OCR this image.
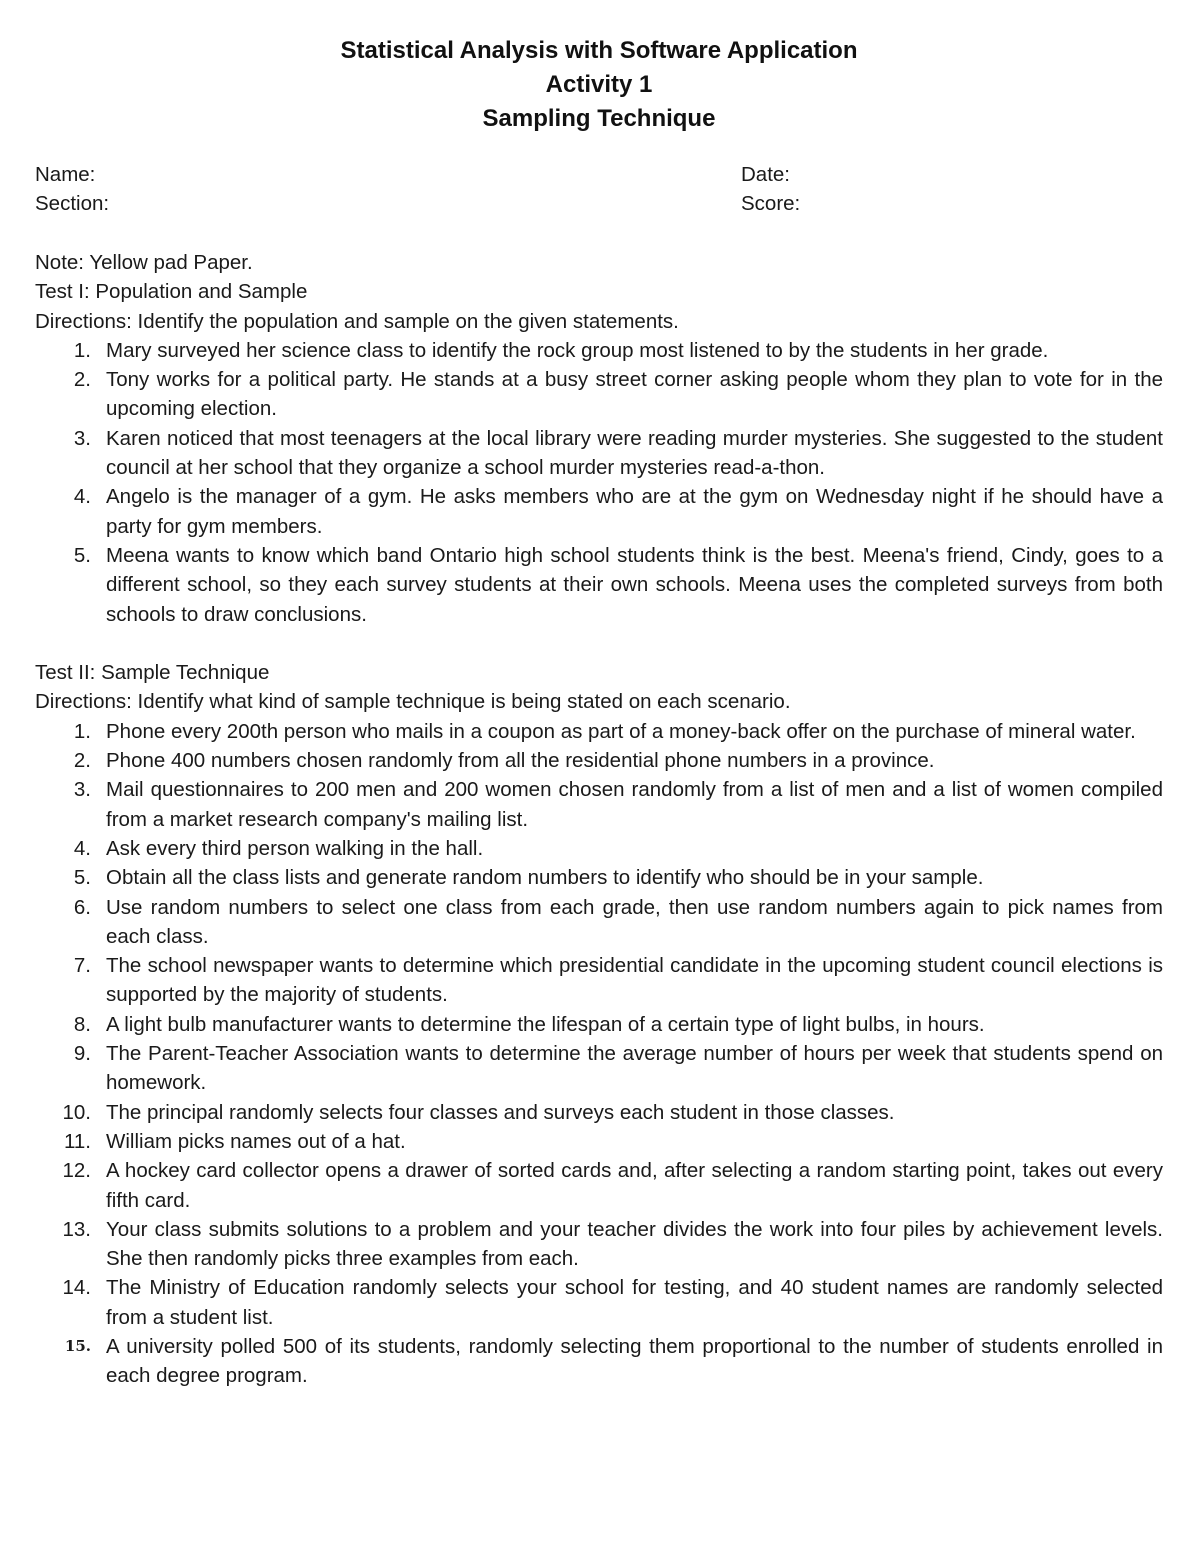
Statistical Analysis with Software Application
Activity 1
Sampling Technique
Name:
Section:
Date:
Score:
Note: Yellow pad Paper.
Test I: Population and Sample
Directions: Identify the population and sample on the given statements.
1. Mary surveyed her science class to identify the rock group most listened to by the students in her grade.
2. Tony works for a political party. He stands at a busy street corner asking people whom they plan to vote for in the upcoming election.
3. Karen noticed that most teenagers at the local library were reading murder mysteries. She suggested to the student council at her school that they organize a school murder mysteries read-a-thon.
4. Angelo is the manager of a gym. He asks members who are at the gym on Wednesday night if he should have a party for gym members.
5. Meena wants to know which band Ontario high school students think is the best. Meena's friend, Cindy, goes to a different school, so they each survey students at their own schools. Meena uses the completed surveys from both schools to draw conclusions.
Test II: Sample Technique
Directions: Identify what kind of sample technique is being stated on each scenario.
1. Phone every 200th person who mails in a coupon as part of a money-back offer on the purchase of mineral water.
2. Phone 400 numbers chosen randomly from all the residential phone numbers in a province.
3. Mail questionnaires to 200 men and 200 women chosen randomly from a list of men and a list of women compiled from a market research company's mailing list.
4. Ask every third person walking in the hall.
5. Obtain all the class lists and generate random numbers to identify who should be in your sample.
6. Use random numbers to select one class from each grade, then use random numbers again to pick names from each class.
7. The school newspaper wants to determine which presidential candidate in the upcoming student council elections is supported by the majority of students.
8. A light bulb manufacturer wants to determine the lifespan of a certain type of light bulbs, in hours.
9. The Parent-Teacher Association wants to determine the average number of hours per week that students spend on homework.
10. The principal randomly selects four classes and surveys each student in those classes.
11. William picks names out of a hat.
12. A hockey card collector opens a drawer of sorted cards and, after selecting a random starting point, takes out every fifth card.
13. Your class submits solutions to a problem and your teacher divides the work into four piles by achievement levels. She then randomly picks three examples from each.
14. The Ministry of Education randomly selects your school for testing, and 40 student names are randomly selected from a student list.
15. A university polled 500 of its students, randomly selecting them proportional to the number of students enrolled in each degree program.
